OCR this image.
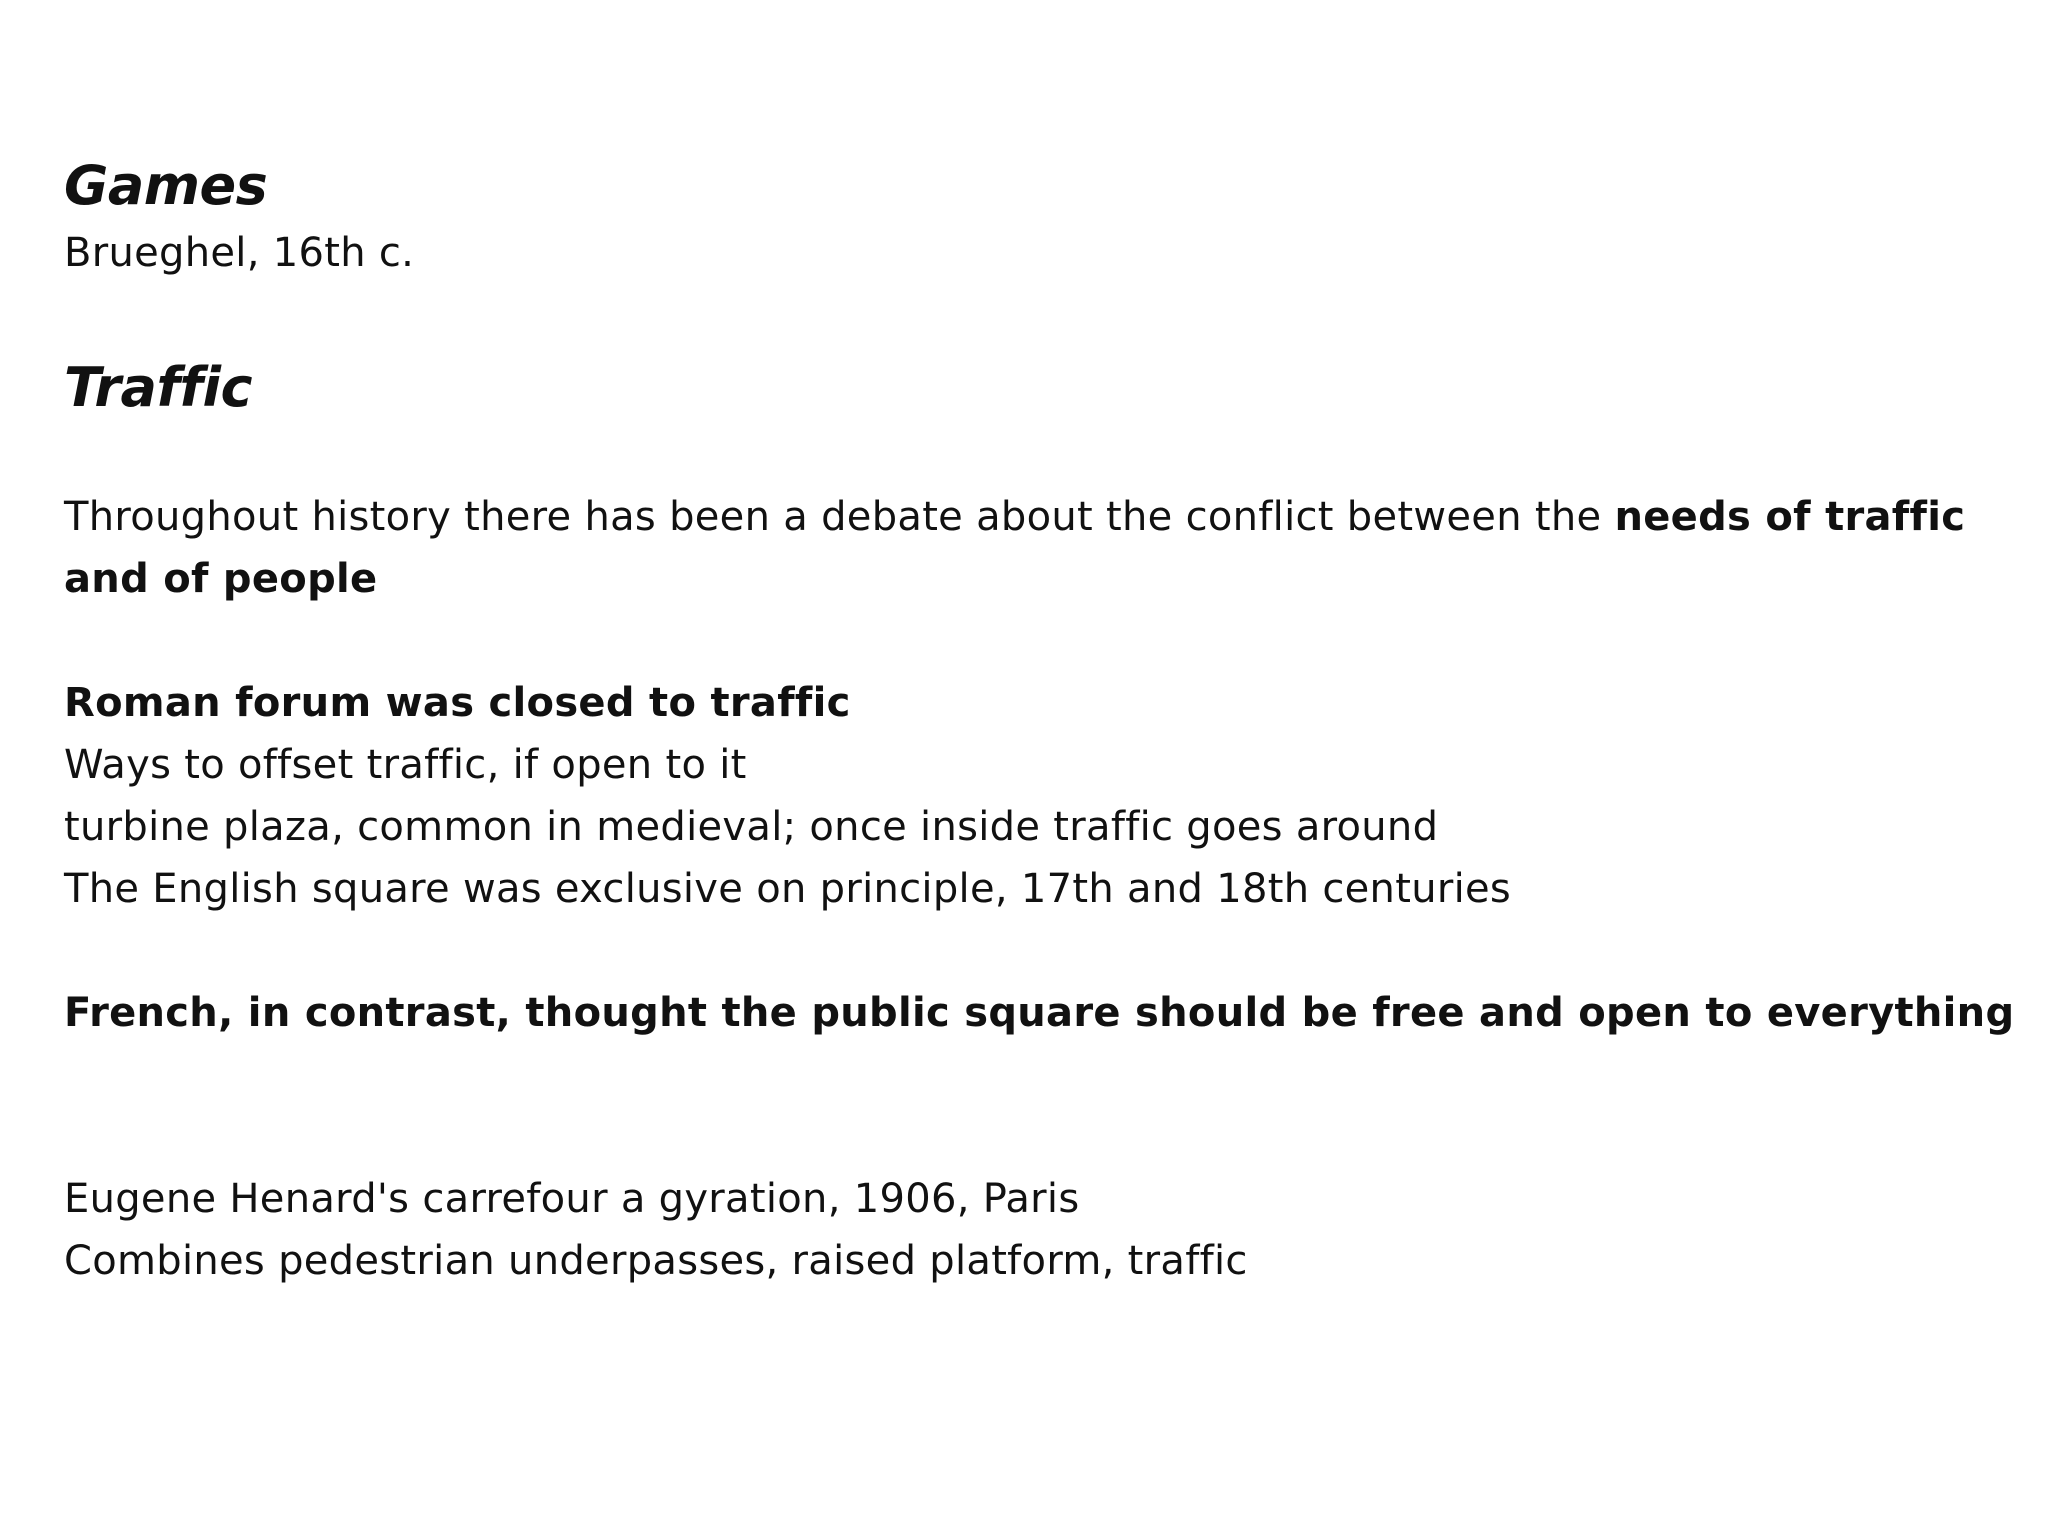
Games

Brueghel, 16th c.

Traffic

Throughout history there has been a debate about the conflict between the needs of traffic and of people

Roman forum was closed to traffic

Ways to offset traffic, if open to it

turbine plaza, common in medieval; once inside traffic goes around

The English square was exclusive on principle, 17th and 18th centuries

French, in contrast, thought the public square should be free and open to everything

Eugene Henard's carrefour a gyration, 1906, Paris

Combines pedestrian underpasses, raised platform, traffic
